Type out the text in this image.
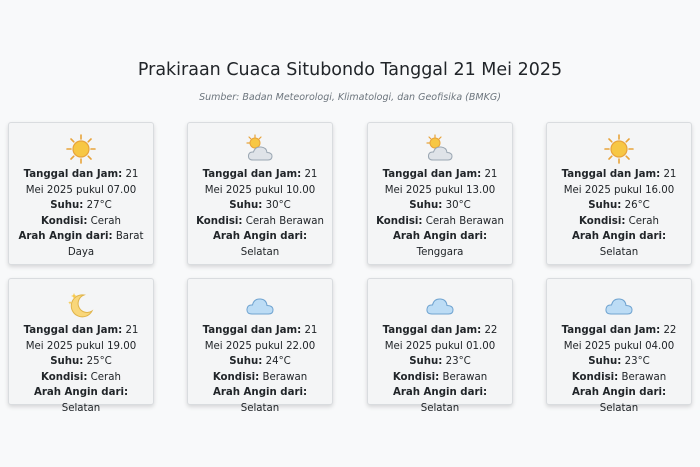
Prakiraan Cuaca Situbondo Tanggal 21 Mei 2025

Sumber: Badan Meteorologi, Klimatologi, dan Geofisika (BMKG)

Tanggal dan Jam: 21 Mei 2025 pukul 07.00
Suhu: 27°C
Kondisi: Cerah
Arah Angin dari: Barat Daya
Tanggal dan Jam: 21 Mei 2025 pukul 10.00
Suhu: 30°C
Kondisi: Cerah Berawan
Arah Angin dari: Selatan
Tanggal dan Jam: 21 Mei 2025 pukul 13.00
Suhu: 30°C
Kondisi: Cerah Berawan
Arah Angin dari: Tenggara
Tanggal dan Jam: 21 Mei 2025 pukul 16.00
Suhu: 26°C
Kondisi: Cerah
Arah Angin dari: Selatan
Tanggal dan Jam: 21 Mei 2025 pukul 19.00
Suhu: 25°C
Kondisi: Cerah
Arah Angin dari: Selatan
Tanggal dan Jam: 21 Mei 2025 pukul 22.00
Suhu: 24°C
Kondisi: Berawan
Arah Angin dari: Selatan
Tanggal dan Jam: 22 Mei 2025 pukul 01.00
Suhu: 23°C
Kondisi: Berawan
Arah Angin dari: Selatan
Tanggal dan Jam: 22 Mei 2025 pukul 04.00
Suhu: 23°C
Kondisi: Berawan
Arah Angin dari: Selatan
